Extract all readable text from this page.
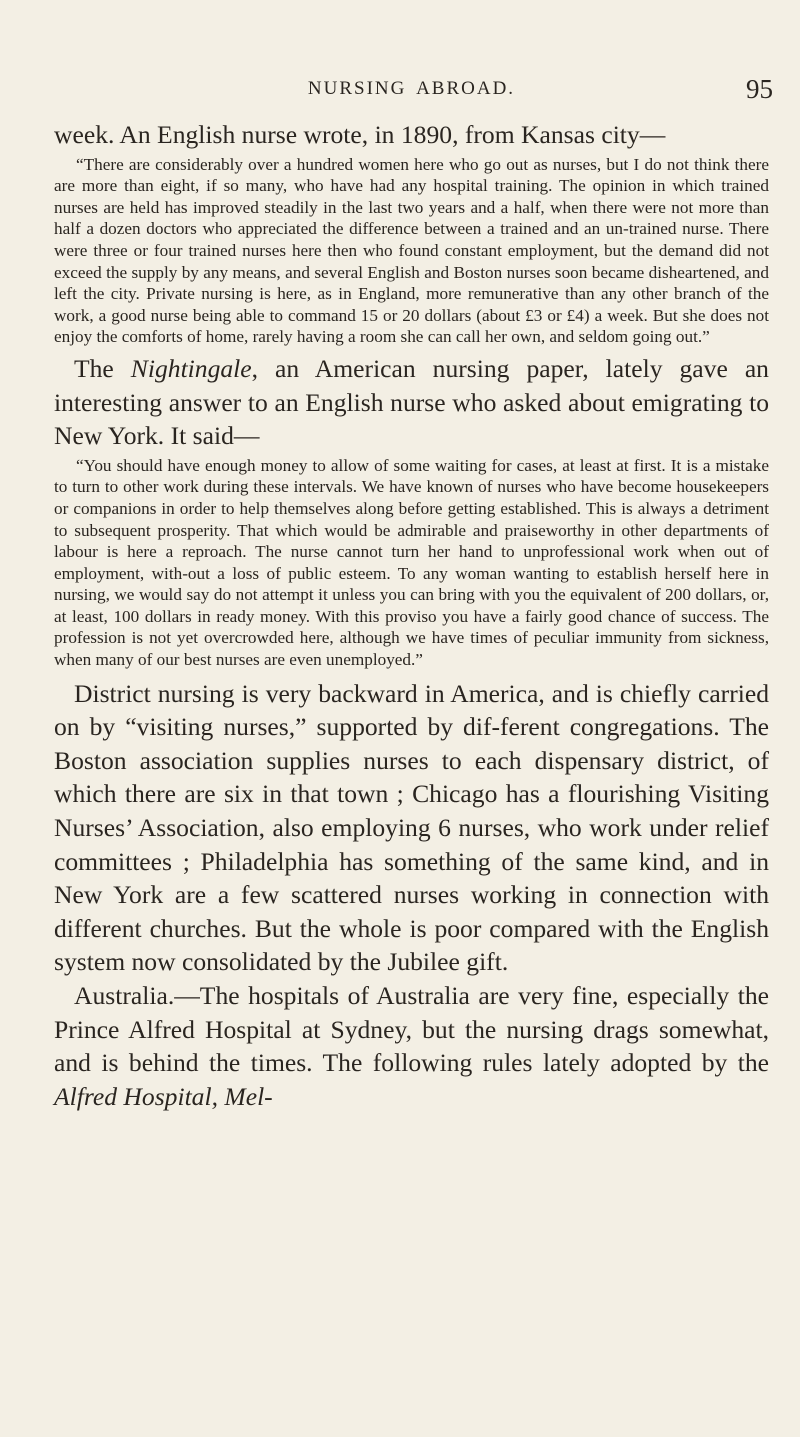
NURSING ABROAD.	95

week. An English nurse wrote, in 1890, from Kansas city—

“There are considerably over a hundred women here who go out as nurses, but I do not think there are more than eight, if so many, who have had any hospital training. The opinion in which trained nurses are held has improved steadily in the last two years and a half, when there were not more than half a dozen doctors who appreciated the difference between a trained and an un-trained nurse. There were three or four trained nurses here then who found constant employment, but the demand did not exceed the supply by any means, and several English and Boston nurses soon became disheartened, and left the city. Private nursing is here, as in England, more remunerative than any other branch of the work, a good nurse being able to command 15 or 20 dollars (about £3 or £4) a week. But she does not enjoy the comforts of home, rarely having a room she can call her own, and seldom going out.”

The Nightingale, an American nursing paper, lately gave an interesting answer to an English nurse who asked about emigrating to New York. It said—

“You should have enough money to allow of some waiting for cases, at least at first. It is a mistake to turn to other work during these intervals. We have known of nurses who have become housekeepers or companions in order to help themselves along before getting established. This is always a detriment to subsequent prosperity. That which would be admirable and praiseworthy in other departments of labour is here a reproach. The nurse cannot turn her hand to unprofessional work when out of employment, with-out a loss of public esteem. To any woman wanting to establish herself here in nursing, we would say do not attempt it unless you can bring with you the equivalent of 200 dollars, or, at least, 100 dollars in ready money. With this proviso you have a fairly good chance of success. The profession is not yet overcrowded here, although we have times of peculiar immunity from sickness, when many of our best nurses are even unemployed.”

District nursing is very backward in America, and is chiefly carried on by “visiting nurses,” supported by dif-ferent congregations. The Boston association supplies nurses to each dispensary district, of which there are six in that town ; Chicago has a flourishing Visiting Nurses’ Association, also employing 6 nurses, who work under relief committees ; Philadelphia has something of the same kind, and in New York are a few scattered nurses working in connection with different churches. But the whole is poor compared with the English system now consolidated by the Jubilee gift.

Australia.—The hospitals of Australia are very fine, especially the Prince Alfred Hospital at Sydney, but the nursing drags somewhat, and is behind the times. The following rules lately adopted by the Alfred Hospital, Mel-
